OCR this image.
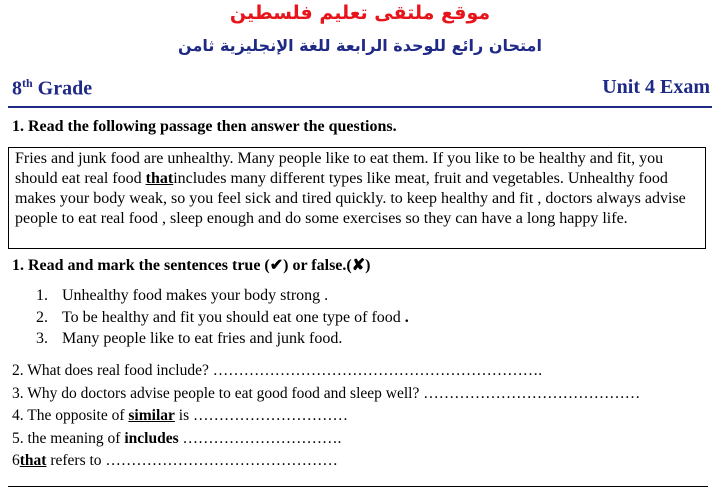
موقع ملتقى تعليم فلسطين
امتحان رائع للوحدة الرابعة للغة الإنجليزية ثامن
8th Grade	Unit 4 Exam
1. Read the following passage then answer the questions.
Fries and junk food are unhealthy. Many people like to eat them. If you like to be healthy and fit, you should eat real food thatincludes many different types like meat, fruit and vegetables. Unhealthy food makes your body weak, so you feel sick and tired quickly. to keep healthy and fit , doctors always advise people to eat real food , sleep enough and do some exercises so they can have a long happy life.
1. Read and mark the sentences true (✔) or false.(✘)
1. Unhealthy food makes your body strong .
2. To be healthy and fit you should eat one type of food .
3. Many people like to eat fries and junk food.
2. What does real food include? ……………………………………………………….
3. Why do doctors advise people to eat good food and sleep well? ……………………………………
4. The opposite of similar is …………………………
5. the meaning of includes ………………………….
6that refers to ………………………………………
